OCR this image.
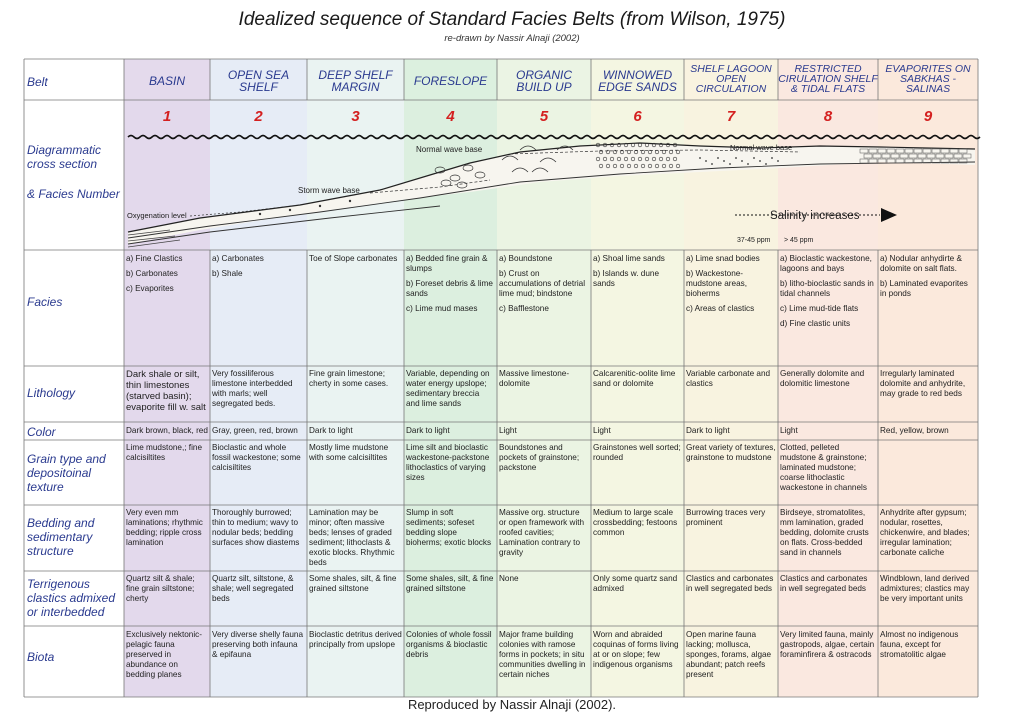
Idealized sequence of Standard Facies Belts (from Wilson, 1975)
re-drawn by Nassir Alnaji (2002)
Normal wave base	Normal wave base
Storm wave base
Oxygenation level	Salinity increases
37-45 ppm > 45 ppm
Belt
Diagrammatic cross section
& Facies Number
Facies
Lithology
Color
Grain type and depositoinal texture
Bedding and sedimentary structure
Terrigenous clastics admixed or interbedded
Biota
BASIN
1

a) Fine Clastics

b) Carbonates

c) Evaporites

Dark shale or silt, thin limestones (starved basin); evaporite fill w. salt
Dark brown, black, red
Lime mudstone,; fine calcisiltites
Very even mm laminations; rhythmic bedding; ripple cross lamination
Quartz silt & shale; fine grain siltstone; cherty
Exclusively nektonic-pelagic fauna preserved in abundance on bedding planes
OPEN SEA SHELF
2

a) Carbonates

b) Shale

Very fossiliferous limestone interbedded with marls; well segregated beds.
Gray, green, red, brown
Bioclastic and whole fossil wackestone; some calcisiltites
Thoroughly burrowed; thin to medium; wavy to nodular beds; bedding surfaces show diastems
Quartz silt, siltstone, & shale; well segregated beds
Very diverse shelly fauna preserving both infauna & epifauna
DEEP SHELF MARGIN
3

Toe of Slope carbonates

Fine grain limestone; cherty in some cases.
Dark to light
Mostly lime mudstone with some calcisiltites
Lamination may be minor; often massive beds; lenses of graded sediment; lithoclasts & exotic blocks. Rhythmic beds
Some shales, silt, & fine grained siltstone
Bioclastic detritus derived principally from upslope
FORESLOPE
4

a) Bedded fine grain & slumps

b) Foreset debris & lime sands

c) Lime mud mases

Variable, depending on water energy upslope; sedimentary breccia and lime sands
Dark to light
Lime silt and bioclastic wackestone-packstone lithoclastics of varying sizes
Slump in soft sediments; sofeset bedding slope bioherms; exotic blocks
Some shales, silt, & fine grained siltstone
Colonies of whole fossil organisms & bioclastic debris
ORGANIC BUILD UP
5

a) Boundstone

b) Crust on accumulations of detrial lime mud; bindstone

c) Bafflestone

Massive limestone-dolomite
Light
Boundstones and pockets of grainstone; packstone
Massive org. structure or open framework with roofed cavities; Lamination contrary to gravity
None
Major frame building colonies with ramose forms in pockets; in situ communities dwelling in certain niches
WINNOWED EDGE SANDS
6

a) Shoal lime sands

b) Islands w. dune sands

Calcarenitic-oolite lime sand or dolomite
Light
Grainstones well sorted; rounded
Medium to large scale crossbedding; festoons common
Only some quartz sand admixed
Worn and abraided coquinas of forms living at or on slope; few indigenous organisms
SHELF LAGOON OPEN CIRCULATION
7

a) Lime snad bodies

b) Wackestone-mudstone areas, bioherms

c) Areas of clastics

Variable carbonate and clastics
Dark to light
Great variety of textures, grainstone to mudstone
Burrowing traces very prominent
Clastics and carbonates in well segregated beds
Open marine fauna lacking; mollusca, sponges, forams, algae abundant; patch reefs present
RESTRICTED CIRULATION SHELF & TIDAL FLATS
8

a) Bioclastic wackestone, lagoons and bays

b) litho-bioclastic sands in tidal channels

c) Lime mud-tide flats

d) Fine clastic units

Generally dolomite and dolomitic limestone
Light
Clotted, pelleted mudstone & grainstone; laminated mudstone; coarse lithoclastic wackestone in channels
Birdseye, stromatolites, mm lamination, graded bedding, dolomite crusts on flats. Cross-bedded sand in channels
Clastics and carbonates in well segregated beds
Very limited fauna, mainly gastropods, algae, certain foraminfirera & ostracods
EVAPORITES ON SABKHAS - SALINAS
9

a) Nodular anhydirte & dolomite on salt flats.

b) Laminated evaporites in ponds

Irregularly laminated dolomite and anhydrite, may grade to red beds
Red, yellow, brown
Anhydrite after gypsum; nodular, rosettes, chickenwire, and blades; irregular lamination; carbonate caliche
Windblown, land derived admixtures; clastics may be very important units
Almost no indigenous fauna, except for stromatolitic algae
Reproduced by Nassir Alnaji (2002).
